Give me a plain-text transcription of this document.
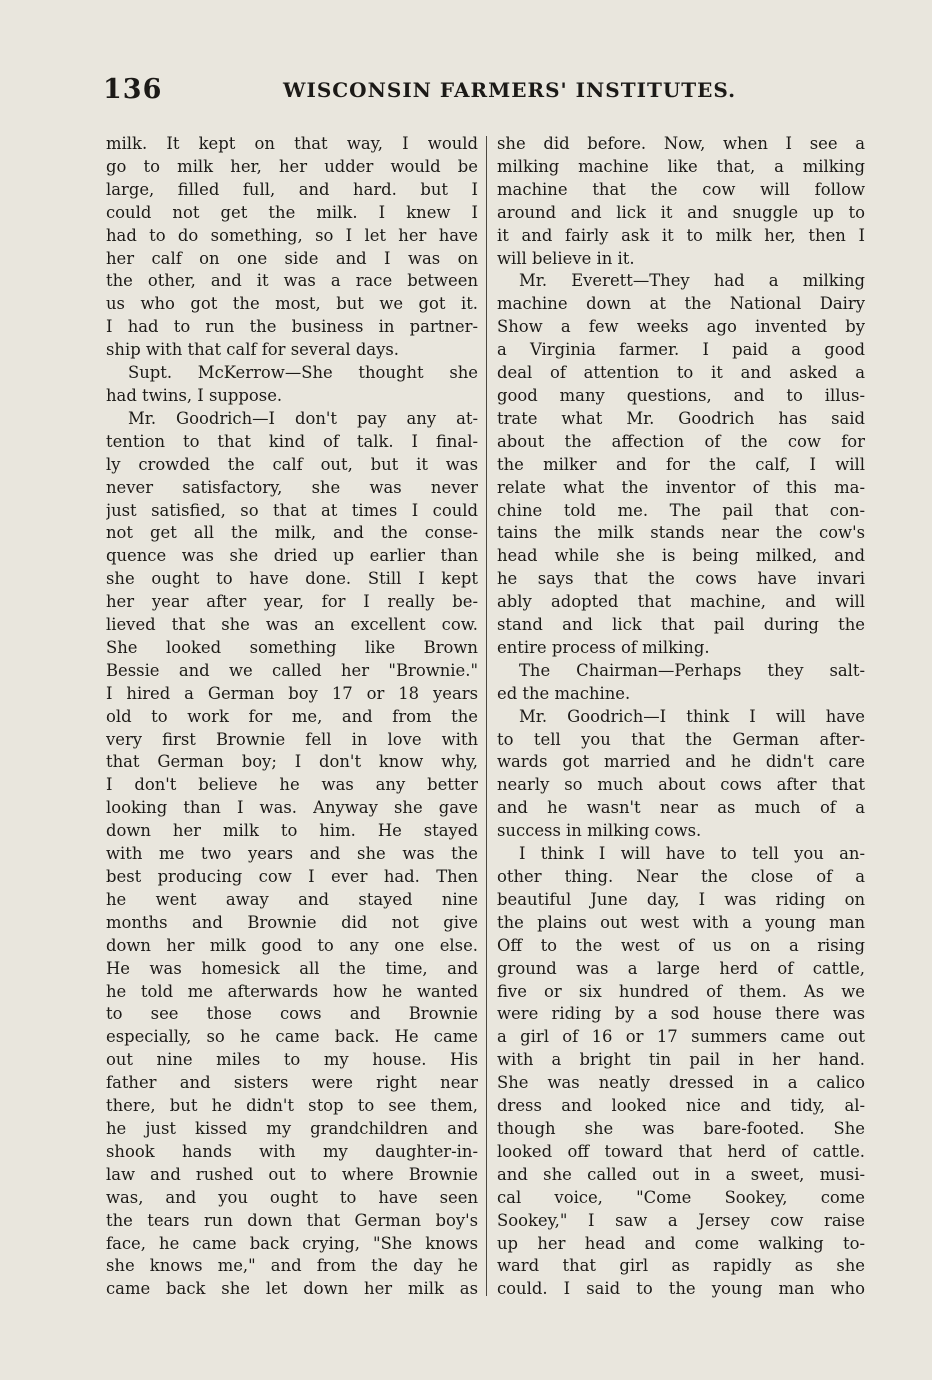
136	WISCONSIN FARMERS' INSTITUTES.
milk. It kept on that way, I would
go to milk her, her udder would be
large, filled full, and hard. but I
could not get the milk. I knew I
had to do something, so I let her have
her calf on one side and I was on
the other, and it was a race between
us who got the most, but we got it.
I had to run the business in partner-
ship with that calf for several days.
Supt. McKerrow—She thought she
had twins, I suppose.
Mr. Goodrich—I don't pay any at-
tention to that kind of talk. I final-
ly crowded the calf out, but it was
never satisfactory, she was never
just satisfied, so that at times I could
not get all the milk, and the conse-
quence was she dried up earlier than
she ought to have done. Still I kept
her year after year, for I really be-
lieved that she was an excellent cow.
She looked something like Brown
Bessie and we called her "Brownie."
I hired a German boy 17 or 18 years
old to work for me, and from the
very first Brownie fell in love with
that German boy; I don't know why,
I don't believe he was any better
looking than I was. Anyway she gave
down her milk to him. He stayed
with me two years and she was the
best producing cow I ever had. Then
he went away and stayed nine
months and Brownie did not give
down her milk good to any one else.
He was homesick all the time, and
he told me afterwards how he wanted
to see those cows and Brownie
especially, so he came back. He came
out nine miles to my house. His
father and sisters were right near
there, but he didn't stop to see them,
he just kissed my grandchildren and
shook hands with my daughter-in-
law and rushed out to where Brownie
was, and you ought to have seen
the tears run down that German boy's
face, he came back crying, "She knows
she knows me," and from the day he
came back she let down her milk as
she did before. Now, when I see a
milking machine like that, a milking
machine that the cow will follow
around and lick it and snuggle up to
it and fairly ask it to milk her, then I
will believe in it.
Mr. Everett—They had a milking
machine down at the National Dairy
Show a few weeks ago invented by
a Virginia farmer. I paid a good
deal of attention to it and asked a
good many questions, and to illus-
trate what Mr. Goodrich has said
about the affection of the cow for
the milker and for the calf, I will
relate what the inventor of this ma-
chine told me. The pail that con-
tains the milk stands near the cow's
head while she is being milked, and
he says that the cows have invari
ably adopted that machine, and will
stand and lick that pail during the
entire process of milking.
The Chairman—Perhaps they salt-
ed the machine.
Mr. Goodrich—I think I will have
to tell you that the German after-
wards got married and he didn't care
nearly so much about cows after that
and he wasn't near as much of a
success in milking cows.
I think I will have to tell you an-
other thing. Near the close of a
beautiful June day, I was riding on
the plains out west with a young man
Off to the west of us on a rising
ground was a large herd of cattle,
five or six hundred of them. As we
were riding by a sod house there was
a girl of 16 or 17 summers came out
with a bright tin pail in her hand.
She was neatly dressed in a calico
dress and looked nice and tidy, al-
though she was bare-footed. She
looked off toward that herd of cattle.
and she called out in a sweet, musi-
cal voice, "Come Sookey, come
Sookey," I saw a Jersey cow raise
up her head and come walking to-
ward that girl as rapidly as she
could. I said to the young man who
